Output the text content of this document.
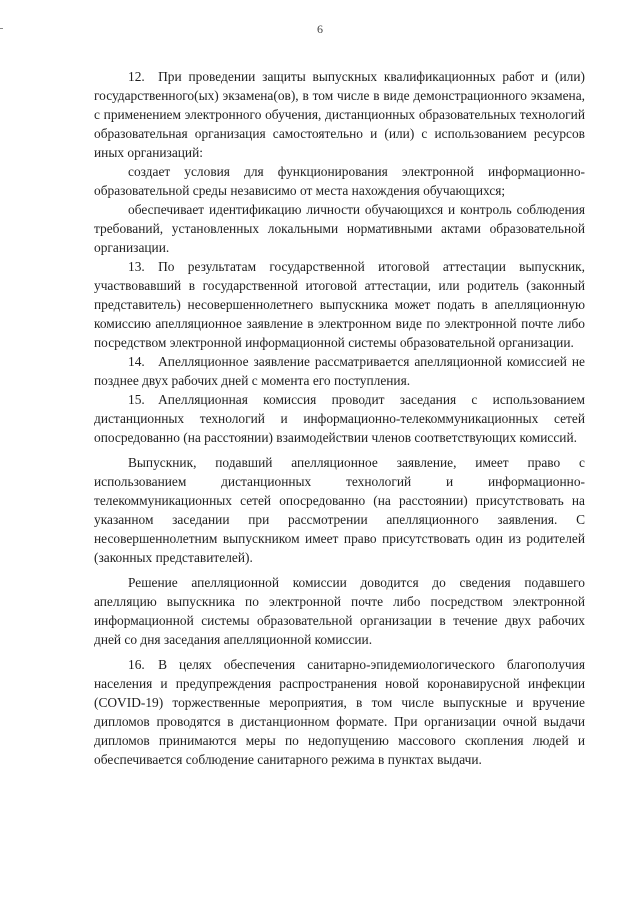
6

12. При проведении защиты выпускных квалификационных работ и (или) государственного(ых) экзамена(ов), в том числе в виде демонстрационного экзамена, с применением электронного обучения, дистанционных образовательных технологий образовательная организация самостоятельно и (или) с использованием ресурсов иных организаций:

создает условия для функционирования электронной информационно-образовательной среды независимо от места нахождения обучающихся;

обеспечивает идентификацию личности обучающихся и контроль соблюдения требований, установленных локальными нормативными актами образовательной организации.

13. По результатам государственной итоговой аттестации выпускник, участвовавший в государственной итоговой аттестации, или родитель (законный представитель) несовершеннолетнего выпускника может подать в апелляционную комиссию апелляционное заявление в электронном виде по электронной почте либо посредством электронной информационной системы образовательной организации.

14. Апелляционное заявление рассматривается апелляционной комиссией не позднее двух рабочих дней с момента его поступления.

15. Апелляционная комиссия проводит заседания с использованием дистанционных технологий и информационно-телекоммуникационных сетей опосредованно (на расстоянии) взаимодействии членов соответствующих комиссий.

Выпускник, подавший апелляционное заявление, имеет право с использованием дистанционных технологий и информационно-телекоммуникационных сетей опосредованно (на расстоянии) присутствовать на указанном заседании при рассмотрении апелляционного заявления. С несовершеннолетним выпускником имеет право присутствовать один из родителей (законных представителей).

Решение апелляционной комиссии доводится до сведения подавшего апелляцию выпускника по электронной почте либо посредством электронной информационной системы образовательной организации в течение двух рабочих дней со дня заседания апелляционной комиссии.

16. В целях обеспечения санитарно-эпидемиологического благополучия населения и предупреждения распространения новой коронавирусной инфекции (COVID-19) торжественные мероприятия, в том числе выпускные и вручение дипломов проводятся в дистанционном формате. При организации очной выдачи дипломов принимаются меры по недопущению массового скопления людей и обеспечивается соблюдение санитарного режима в пунктах выдачи.
